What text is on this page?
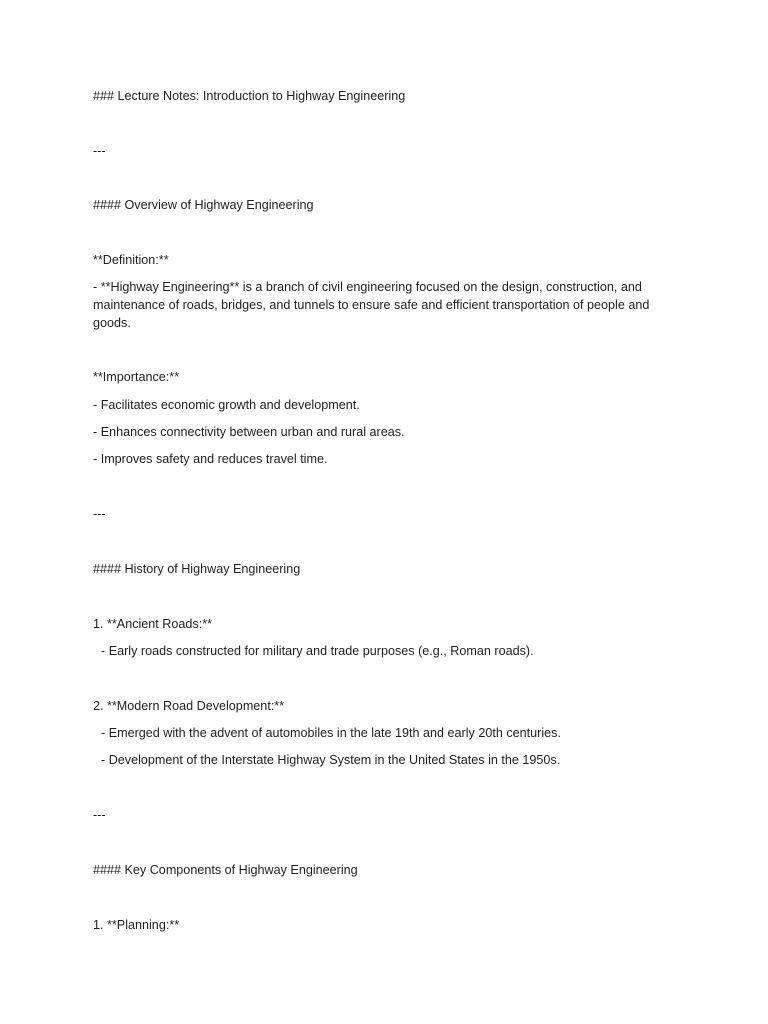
### Lecture Notes: Introduction to Highway Engineering
---
#### Overview of Highway Engineering
**Definition:**
- **Highway Engineering** is a branch of civil engineering focused on the design, construction, and maintenance of roads, bridges, and tunnels to ensure safe and efficient transportation of people and goods.
**Importance:**
- Facilitates economic growth and development.
- Enhances connectivity between urban and rural areas.
- Improves safety and reduces travel time.
---
#### History of Highway Engineering
1. **Ancient Roads:**
- Early roads constructed for military and trade purposes (e.g., Roman roads).
2. **Modern Road Development:**
- Emerged with the advent of automobiles in the late 19th and early 20th centuries.
- Development of the Interstate Highway System in the United States in the 1950s.
---
#### Key Components of Highway Engineering
1. **Planning:**
